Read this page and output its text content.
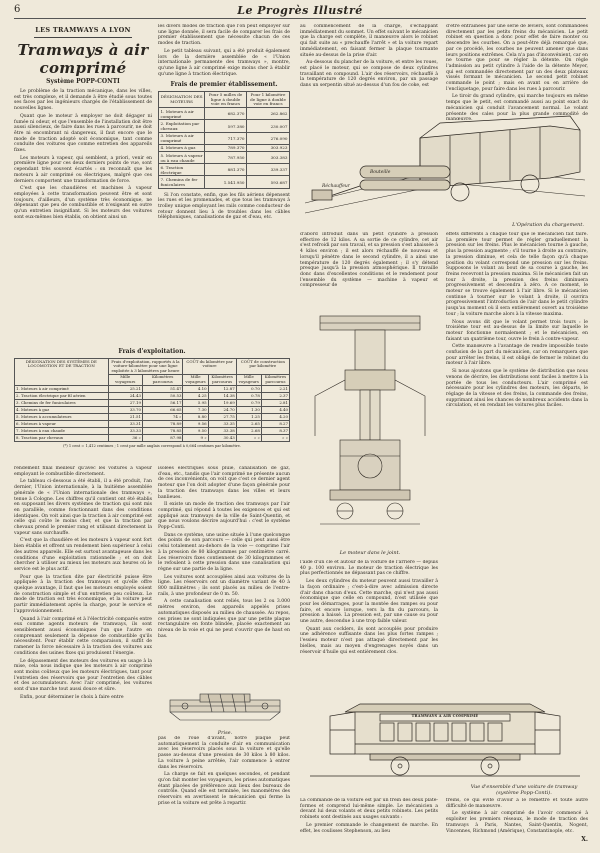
6	Le Progrès Illustré
LES TRAMWAYS A LYON
Tramways à air comprimé
Système POPP-CONTI

Le problème de la traction mécanique, dans les villes, est très complexe, et il demande à être étudié sous toutes ses faces par les ingénieurs chargés de l'établissement de nouvelles lignes.

Quant que le moteur à employer ne doit dégager ni fumée ni odeur, et que l'ensemble de l'installation doit être aussi silencieux, de faire dans les rues à parcourir, ne doit être ni encombrant ni dangereux, il faut encore que le mode de traction adopté soit économique, tant comme conduite des voitures que comme entretien des appareils fixes.

Les moteurs à vapeur, qui semblent, a priori, venir en première ligne pour ces deux derniers points de vue, sont cependant très souvent écartés : on reconnaît que les moteurs à air comprimé ou électriques, malgré que ces derniers comportent une transformation de force.

C'est que les chaudières et machines à vapeur employées à cette transformation peuvent être et sont toujours, d'ailleurs, d'un système très économique, ne dépensant que peu de combustible et n'exigeant en outre qu'un entretien insignifiant. Si les moteurs des voitures sont eux-mêmes bien établis, on obtient ainsi un

les divers modes de traction que l'on peut employer sur une ligne donnée, il sera facile de comparer les frais de premier établissement que nécessite chacun de ces modes de traction.

Le petit tableau suivant, qui a été produit également lors de la dernière assemblée de « l'Union internationale permanente des tramways », montre, qu'une ligne à air comprimé exige moins cher à établir qu'une ligne à traction électrique.

Frais de premier établissement.
DÉSIGNATION DES MOTEURS	Pour 5 milles de ligne à double voie en francs	Pour 1 kilomètre de ligne à double voie en francs
1. Moteurs à air comprimé	682.370	262.862
2. Exploitation par chevaux	597.380	230.007
3. Moteurs à air comprimé	717.370	276.090
4. Moteurs à gaz	789.370	303.923
5. Moteurs à vapeur ou à eau chaude	787.950	303.383
6. Traction électrique	881.370	339.337
7. Chemins de fer funiculaires	1.541.950	593.687

Si l'on constate, enfin, que les fils aériens dépensent les rues et les promenades, et que tous les tramways à trolley unique employant les rails comme conducteur de retour donnent lieu à de troubles dans les câbles téléphoniques, canalisations de gaz et d'eau, etc.

Frais d'exploitation.
DÉSIGNATION DES SYSTÈMES DE LOCOMOTION ET DE TRACTION	Frais d'exploitation, rapportés à la voiture-kilomètre pour une ligne exploitée à 3 kilomètres par heure		COÛT du kilomètre par voiture		COÛT de construction par kilomètre	
	Mille voyageurs	Kilomètres parcourus	Mille voyageurs	Kilomètres parcourus	Mille voyageurs	Kilomètres parcourus
1. Moteurs à air comprimé	25.21	51.47	4.10	12.87	0.70	2.21
2. Traction électrique par fil aérien	24.43	50.53	4.25	14.38	0.78	2.37
3. Chemins de fer funiculaires	27.19	56.17	5.95	19.69	0.79	2.81
4. Moteurs à gaz	33.70	66.65	7.30	24.70	1.30	4.40
5. Moteurs à accumulateurs	21.51	74 »	8.80	27.75	1.25	4.20
6. Moteurs à vapeur	33.31	78.89	9.56	33.35	2.65	8.27
7. Moteurs à eau chaude	33.33	78.85	9.50	33.38	2.68	8.37
8. Traction par chevaux	36 »	87.98	9 »	30.43	» »	» »
(*) 1 cent = 1,412 centimes ; 1 cent par mille anglais correspond à 0,664 centimes par kilomètre.

rendement final meilleur qu'avec les voitures à vapeur employant le combustible directement.

Le tableau ci-dessous a été établi, il a été produit, l'an dernier, l'Union internationale, à la huitième assemblée générale de « l'Union internationale des tramways », tenue à Cologne. Les chiffres qu'il contient ont été établis en supposant les divers systèmes de traction qui sont mis en parallèle, comme fonctionnant dans des conditions identiques. On voit ainsi que la traction à air comprimé est celle qui coûte le moins cher, et que la traction par chevaux prend le premier rang et utilisant directement la vapeur sans surchauffe.

C'est que la chaudière et les moteurs à vapeur sont fort bien établis et offrent un rendement bien supérieur à celui des autres appareils. Elle est surtout avantageuse dans les conditions d'une exploitation rationnelle ; et on doit chercher à utiliser au mieux les moteurs aux heures où le service est le plus actif.

Pour que la traction dite par électricité puisse être appliquée à la traction des tramways et qu'elle offre quelque avantage, il faut que les moteurs employés soient de construction simple et d'un entretien peu coûteux. Le mode de traction est très économique, et la voiture peut partir immédiatement après la charge, pour le service et l'approvisionnement.

Quand à l'air comprimé et à l'électricité comparés entre eux comme agents moteurs de tramways, ils sont sensiblement aussi économiques l'un que l'autre en comprenant seulement la dépense de combustible qu'ils nécessitent. Pour établir cette comparaison, il suffit de ramener la force nécessaire à la traction des voitures aux conditions des usines fixes qui produisent l'énergie.

Le dépassement des moteurs des voitures en usage à la mise, cela nous indique que les moteurs à air comprimé sont moins coûteux que les moteurs électriques, tant pour l'entretien des réservoirs que pour l'entretien des câbles et des accumulateurs. Avec l'air comprimé, les voitures sont d'une marche tout aussi douce et sûre.

Enfin, pour déterminer le choix à faire entre

isolées électriques sous pluie, canalisation de gaz, d'eau, etc., tandis que l'air comprimé ne présente aucun de ces inconvénients, on voit que c'est ce dernier agent moteur que l'on doit adopter d'une façon générale pour la traction des tramways dans les villes et leurs banlieues.

Il existe un mode de traction des tramways par l'air comprimé, qui répond à toutes les exigences et qui est appliqué aux tramways de la ville de Saint-Quentin, et que nous voulons décrire aujourd'hui : c'est le système Popp-Conti.

Dans ce système, une usine située à l'une quelconque des points de son parcours — celle qui peut aussi être celui totalement au-dehors de la voie — comprime l'air à la pression de 80 kilogrammes par centimètre carré. Les réservoirs fixes contiennent de 30 kilogrammes et le refoulent à cette pression dans une canalisation qui règne sur une partie de la ligne.

Les voitures sont accouplées ainsi aux voitures de la ligne. Les réservoirs ont un diamètre variant de 40 à 800 millimètres ; ils sont placés au milieu de l'entre-rails, à une profondeur de 0 m. 50.

A cette canalisation sont reliés, tous les 2 ou 3.000 mètres environ, des appareils appelés prises automatiques disposés au milieu de chaussée. Au repos, ces prises ne sont indiquées que par une petite plaque rectangulaire en fonte blindée, placée exactement au niveau de la voie et qui ne peut s'ouvrir que de haut en bas.

Prise.

pas de roue d'avant, notre plaque peut automatiquement la conduite d'air en communication avec les réservoirs placés sous la voiture et qu'elle passe au-dessus d'une pression de 30 kilos à 80 kilos. La voiture à peine arrêtée, l'air commence à entrer dans les réservoirs.

La charge se fait en quelques secondes, et pendant qu'on fait monter les voyageurs, les prises automatiques étant placées de préférence aux lieux des bureaux de contrôle. Quand elle est terminée, les manomètres des réservoirs en avertissent le mécanicien qui ferme la prise et la voiture est prête à repartir.

au commencement de la charge, s'échappant immédiatement du sommet. Un effet suivant le mécanicien que la charge est complète, il manœuvre alors le robinet qui fait suite au « prechauffe l'arrêt » et la voiture repart immédiatement, en faisant fermer la plaque tournante située au-dessus de la prise d'air.

Au-dessous du plancher de la voiture, et entre les roues, est placé le moteur, qui se compose de deux cylindres travaillant en compound. L'air des réservoirs, réchauffé à la température de 120 degrés environ, par un passage dans un serpentin situé au-dessus d'un fou de coke, est

d'être entraînées par une série de leviers, sont commandées directement par les petits freins du mécanicien. Le petit robinet en question a donc pour effet de faire monter ou descendre les courbes. On a peut-être déjà remarqué que, par ce procédé, les courbes ne peuvent amener que dans leurs positions extrêmes. Cela n'a pas d'inconvénient, car en ne tourne que pour se régler la détente. On règle l'admission au petit cylindre à l'aide de la détente Meyer, qui est commandée directement par un des deux plateaux vissés formant le mécanicien. Le second petit robinet commande le point ; mais en avant ou en arrière de l'encliquetage, pour faire dans les rues à parcourir.

Le tiroir du grand cylindre, qui marche toujours en même temps que le petit, est commandé aussi au point exact du mécanicien qui conduit l'avancement normal. Le volant présente des cales pour la plus grande commodité de manœuvre.

Bouteille
Réchauffeur
L'Opération du chargement.

d'abord introduit dans un petit cylindre à pression effective de 12 kilos. A sa sortie de ce cylindre, cet air s'est refroidi par son travail, et sa pression s'est abaissée à 4 kilos environ ; il est alors réchauffé de nouveau et lorsqu'il pénètre dans le second cylindre, il a ainsi une température de 120 degrés également ; il s'y détend presque jusqu'à la pression atmosphérique. Il travaille donc dans d'excellentes conditions et le rendement pour l'ensemble du système — machine à vapeur et compresseur de

effets différents à chaque tour que le mécanicien fait faire. La première tour permet de régler graduellement la pression sur les freins. Plus le mécanicien tourne à gauche, plus la pression augmente ; s'il tourne à droite au contraire, la pression diminue, et cela de telle façon qu'à chaque position du volant correspond une pression sur les freins. Supposons le volant au bout de sa course à gauche, les freins recevront la pression maxima. Si le mécanicien fait un tour à droite, la pression des freins diminuera progressivement et descendra à zéro. A ce moment, le moteur se trouve également à l'air libre. Si le mécanicien continue à tourner sur le volant à droite, il ouvrira progressivement l'introduction de l'air dans le petit cylindre jusqu'au moment où il sera entièrement ouvert au troisième tour ; la voiture marche alors à la vitesse maxima.

Nous avons dit que le volant permet trois tours : le troisième tour est au-dessus de la limite sur laquelle le moteur fonctionne normalement ; et le mécanicien, en faisant un quatrième tour, ouvre le frein à contre-vapeur.

Cette manœuvre a l'avantage de rendre impossible toute confusion de la part du mécanicien, car on remarquera que pour arrêter les freins, il est obligé de fermer le robinet du moteur à l'air libre.

Si nous ajoutons que le système de distribution que nous venons de décrire, les distributions sont faciles à mettre à la portée de tous les conducteurs. L'air comprimé est nécessaire pour les cylindres des moteurs, les départs, le réglage de la vitesse et des freins, la commande des freins, supprimant ainsi les chances de nombreux accidents dans la circulation, et en rendant les voitures plus faciles.

Le moteur dans le joint.

l'aide d'un clé et autour de la voiture de l'arrière — depuis 40 p. 100 environ. Le moteur de traction électrique les plus perfectionnés ne dépassant pas ce chiffre.

Les deux cylindres du moteur peuvent aussi travailler à la façon ordinaire ; c'est-à-dire avec admission directe d'air dans chacun d'eux. Cette marche, qui n'est pas aussi économique que celle en compound, n'est utilisée que pour les démarrages, pour la montée des rampes ou pour faire, et encore lorsque, vers la fin du parcours, la pression a baissé. La pression est, par une cause ou pour une autre, descendue à une trop faible valeur.

Quant aux cocklers, ils sont accouplés pour produire une adhérence suffisante dans les plus fortes rampes ; l'essieu moteur n'est pas attaqué directement par les bielles, mais au moyen d'engrenages noyés dans un réservoir d'huile qui est entièrement clos.

TRAMWAYS A AIR COMPRIMÉ
Vue d'ensemble d'une voiture de tramway (système Popp-Conti).

La commande de la voiture est par un frein des deux plate-formes et comprend lui-même simple. Le mécanicien a devant lui deux volants et deux petits robinets. Les petits robinets sont destinés aux usages suivants :

Le premier commande le changement de marche. En effet, les coulisses Stephenson, au lieu

freins, ce qui évite d'avoir à le remettre et toute autre difficulté de manœuvre.

Le système à air comprimé de l'avoir commencé à exploiter les premiers réseaux, le mode de traction des tramways à Paris, Nantes, Saint-Quentin, Nogent, Vincennes, Richmond (Amérique), Constantinople, etc.

X.
